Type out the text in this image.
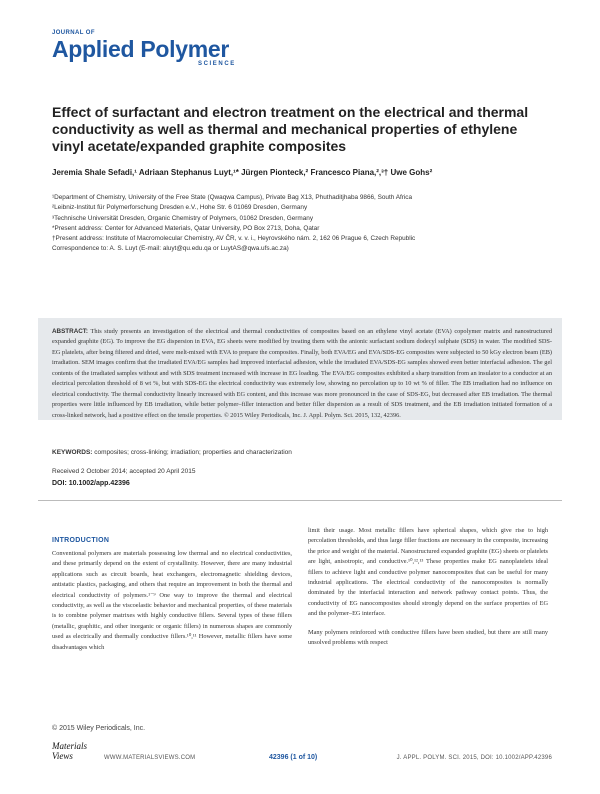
JOURNAL OF
Applied Polymer
SCIENCE
Effect of surfactant and electron treatment on the electrical and thermal conductivity as well as thermal and mechanical properties of ethylene vinyl acetate/expanded graphite composites
Jeremia Shale Sefadi,¹ Adriaan Stephanus Luyt,¹* Jürgen Pionteck,² Francesco Piana,²,³† Uwe Gohs²
¹Department of Chemistry, University of the Free State (Qwaqwa Campus), Private Bag X13, Phuthaditjhaba 9866, South Africa
²Leibniz-Institut für Polymerforschung Dresden e.V., Hohe Str. 6 01069 Dresden, Germany
³Technische Universität Dresden, Organic Chemistry of Polymers, 01062 Dresden, Germany
*Present address: Center for Advanced Materials, Qatar University, PO Box 2713, Doha, Qatar
†Present address: Institute of Macromolecular Chemistry, AV ČR, v. v. i., Heyrovského nám. 2, 162 06 Prague 6, Czech Republic
Correspondence to: A. S. Luyt (E-mail: aluyt@qu.edu.qa or LuytAS@qwa.ufs.ac.za)
ABSTRACT: This study presents an investigation of the electrical and thermal conductivities of composites based on an ethylene vinyl acetate (EVA) copolymer matrix and nanostructured expanded graphite (EG). To improve the EG dispersion in EVA, EG sheets were modified by treating them with the anionic surfactant sodium dodecyl sulphate (SDS) in water. The modified SDS-EG platelets, after being filtered and dried, were melt-mixed with EVA to prepare the composites. Finally, both EVA/EG and EVA/SDS-EG composites were subjected to 50 kGy electron beam (EB) irradiation. SEM images confirm that the irradiated EVA/EG samples had improved interfacial adhesion, while the irradiated EVA/SDS-EG samples showed even better interfacial adhesion. The gel contents of the irradiated samples without and with SDS treatment increased with increase in EG loading. The EVA/EG composites exhibited a sharp transition from an insulator to a conductor at an electrical percolation threshold of 8 wt %, but with SDS-EG the electrical conductivity was extremely low, showing no percolation up to 10 wt % of filler. The EB irradiation had no influence on electrical conductivity. The thermal conductivity linearly increased with EG content, and this increase was more pronounced in the case of SDS-EG, but decreased after EB irradiation. The thermal properties were little influenced by EB irradiation, while better polymer–filler interaction and better filler dispersion as a result of SDS treatment, and the EB irradiation initiated formation of a cross-linked network, had a positive effect on the tensile properties. © 2015 Wiley Periodicals, Inc. J. Appl. Polym. Sci. 2015, 132, 42396.
KEYWORDS: composites; cross-linking; irradiation; properties and characterization
Received 2 October 2014; accepted 20 April 2015
DOI: 10.1002/app.42396
INTRODUCTION

Conventional polymers are materials possessing low thermal and no electrical conductivities, and these primarily depend on the extent of crystallinity. However, there are many industrial applications such as circuit boards, heat exchangers, electromagnetic shielding devices, antistatic plastics, packaging, and others that require an improvement in both the thermal and electrical conductivity of polymers.¹⁻⁹ One way to improve the thermal and electrical conductivity, as well as the viscoelastic behavior and mechanical properties, of these materials is to combine polymer matrixes with highly conductive fillers. Several types of these fillers (metallic, graphitic, and other inorganic or organic fillers) in numerous shapes are commonly used as electrically and thermally conductive fillers.¹⁰,¹¹ However, metallic fillers have some disadvantages which

limit their usage. Most metallic fillers have spherical shapes, which give rise to high percolation thresholds, and thus large filler fractions are necessary in the composite, increasing the price and weight of the material. Nanostructured expanded graphite (EG) sheets or platelets are light, anisotropic, and conductive.¹⁰,¹²,¹³ These properties make EG nanoplatelets ideal fillers to achieve light and conductive polymer nanocomposites that can be useful for many industrial applications. The electrical conductivity of the nanocomposites is normally dominated by the interfacial interaction and network pathway contact points. Thus, the conductivity of EG nanocomposites should strongly depend on the surface properties of EG and the polymer–EG interface.

Many polymers reinforced with conductive fillers have been studied, but there are still many unsolved problems with respect

© 2015 Wiley Periodicals, Inc.
Materials
Views	WWW.MATERIALSVIEWS.COM	42396 (1 of 10)	J. APPL. POLYM. SCI. 2015, DOI: 10.1002/APP.42396
